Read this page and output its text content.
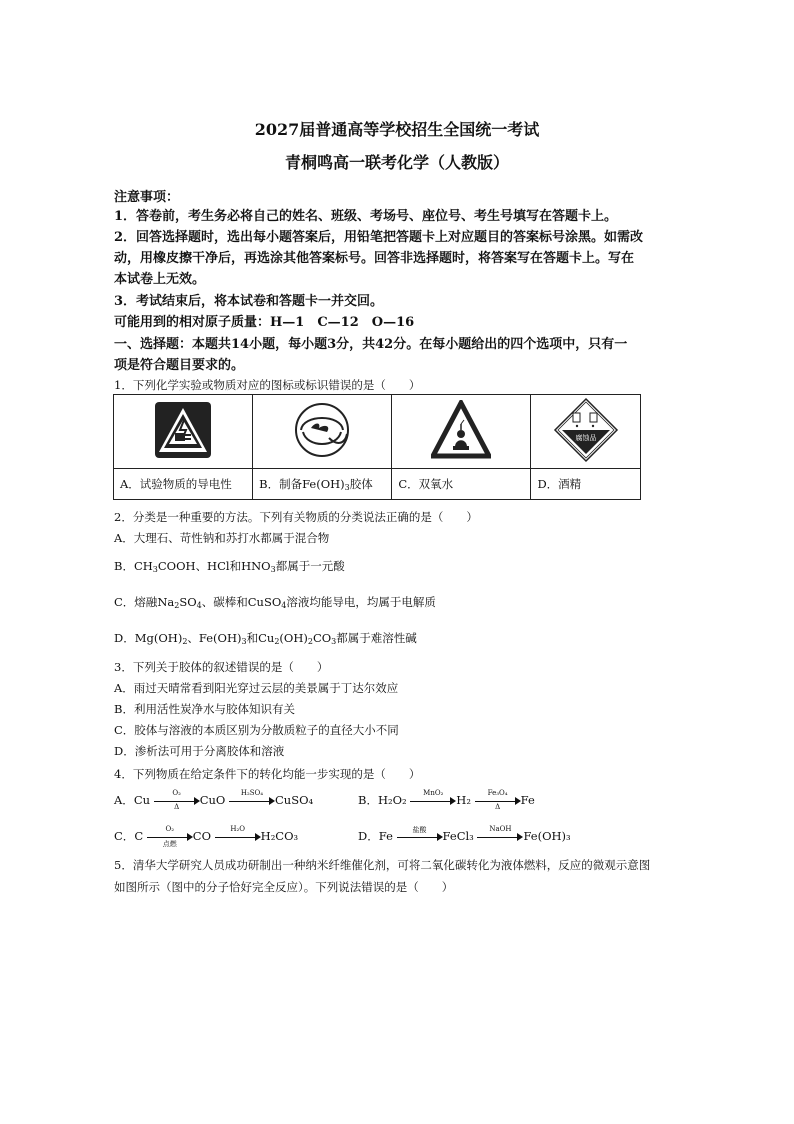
2027届普通高等学校招生全国统一考试
青桐鸣高一联考化学（人教版）
注意事项：
1．答卷前，考生务必将自己的姓名、班级、考场号、座位号、考生号填写在答题卡上。
2．回答选择题时，选出每小题答案后，用铅笔把答题卡上对应题目的答案标号涂黑。如需改
动，用橡皮擦干净后，再选涂其他答案标号。回答非选择题时，将答案写在答题卡上。写在
本试卷上无效。
3．考试结束后，将本试卷和答题卡一并交回。
可能用到的相对原子质量：H—1　C—12　O—16
一、选择题：本题共14小题，每小题3分，共42分。在每小题给出的四个选项中，只有一
项是符合题目要求的。
1．下列化学实验或物质对应的图标或标识错误的是（　　）

腐蚀品

A．试验物质的导电性	B．制备$Fe(OH)_3$胶体	C．双氧水	D．酒精
2．分类是一种重要的方法。下列有关物质的分类说法正确的是（　　）
A．大理石、苛性钠和苏打水都属于混合物
B．$CH_3COOH$、HCl和$HNO_3$都属于一元酸
C．熔融$Na_2SO_4$、碳棒和CuSO$_4$溶液均能导电，均属于电解质
D．$Mg(OH)_2$、$Fe(OH)_3$和$Cu_2(OH)_2CO_3$都属于难溶性碱
3．下列关于胶体的叙述错误的是（　　）
A．雨过天晴常看到阳光穿过云层的美景属于丁达尔效应
B．利用活性炭净水与胶体知识有关
C．胶体与溶液的本质区别为分散质粒子的直径大小不同
D．渗析法可用于分离胶体和溶液
4．下列物质在给定条件下的转化均能一步实现的是（　　）
A．Cu $\frac{\text{O₂}}{\Delta}$ CuO	H₂SO₄	CuSO₄	B．H₂O₂	MnO₂	$H_2 \frac{\text{Fe₃O₄}}{\Delta}$ Fe
C．C	O₂
点燃
CO	H₂O	H₂CO₃	D．Fe	盐酸	FeCl₃	NaOH	Fe(OH)₃
5．清华大学研究人员成功研制出一种纳米纤维催化剂，可将二氧化碳转化为液体燃料，反应的微观示意图
如图所示（图中的分子恰好完全反应）。下列说法错误的是（　　）
